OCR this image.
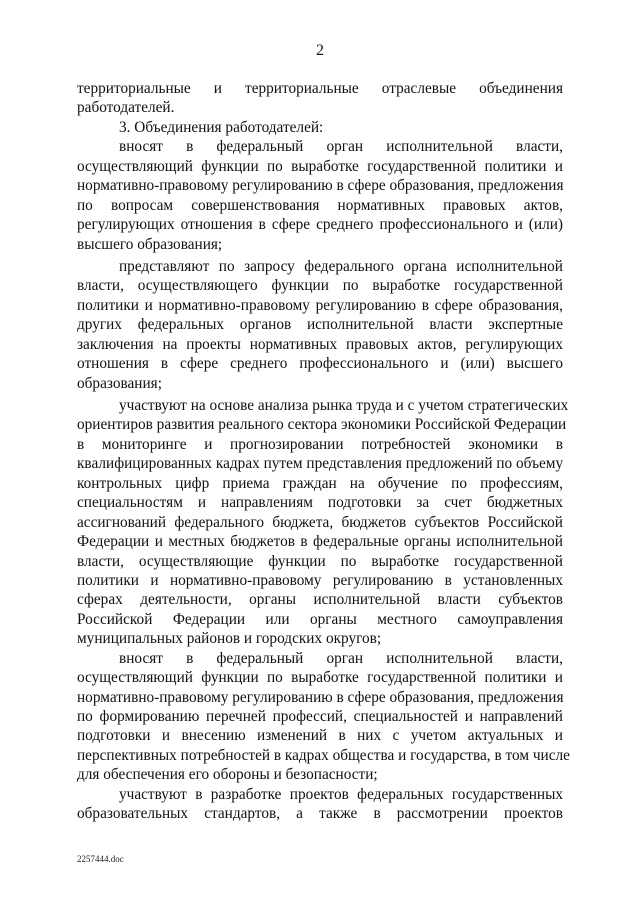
2
территориальные и территориальные отраслевые объединения
работодателей.
3. Объединения работодателей:
вносят в федеральный орган исполнительной власти,
осуществляющий функции по выработке государственной политики и
нормативно-правовому регулированию в сфере образования, предложения
по вопросам совершенствования нормативных правовых актов,
регулирующих отношения в сфере среднего профессионального и (или)
высшего образования;
представляют по запросу федерального органа исполнительной
власти, осуществляющего функции по выработке государственной
политики и нормативно-правовому регулированию в сфере образования,
других федеральных органов исполнительной власти экспертные
заключения на проекты нормативных правовых актов, регулирующих
отношения в сфере среднего профессионального и (или) высшего
образования;
участвуют на основе анализа рынка труда и с учетом стратегических
ориентиров развития реального сектора экономики Российской Федерации
в мониторинге и прогнозировании потребностей экономики в
квалифицированных кадрах путем представления предложений по объему
контрольных цифр приема граждан на обучение по профессиям,
специальностям и направлениям подготовки за счет бюджетных
ассигнований федерального бюджета, бюджетов субъектов Российской
Федерации и местных бюджетов в федеральные органы исполнительной
власти, осуществляющие функции по выработке государственной
политики и нормативно-правовому регулированию в установленных
сферах деятельности, органы исполнительной власти субъектов
Российской Федерации или органы местного самоуправления
муниципальных районов и городских округов;
вносят в федеральный орган исполнительной власти,
осуществляющий функции по выработке государственной политики и
нормативно-правовому регулированию в сфере образования, предложения
по формированию перечней профессий, специальностей и направлений
подготовки и внесению изменений в них с учетом актуальных и
перспективных потребностей в кадрах общества и государства, в том числе
для обеспечения его обороны и безопасности;
участвуют в разработке проектов федеральных государственных
образовательных стандартов, а также в рассмотрении проектов
2257444.doc
